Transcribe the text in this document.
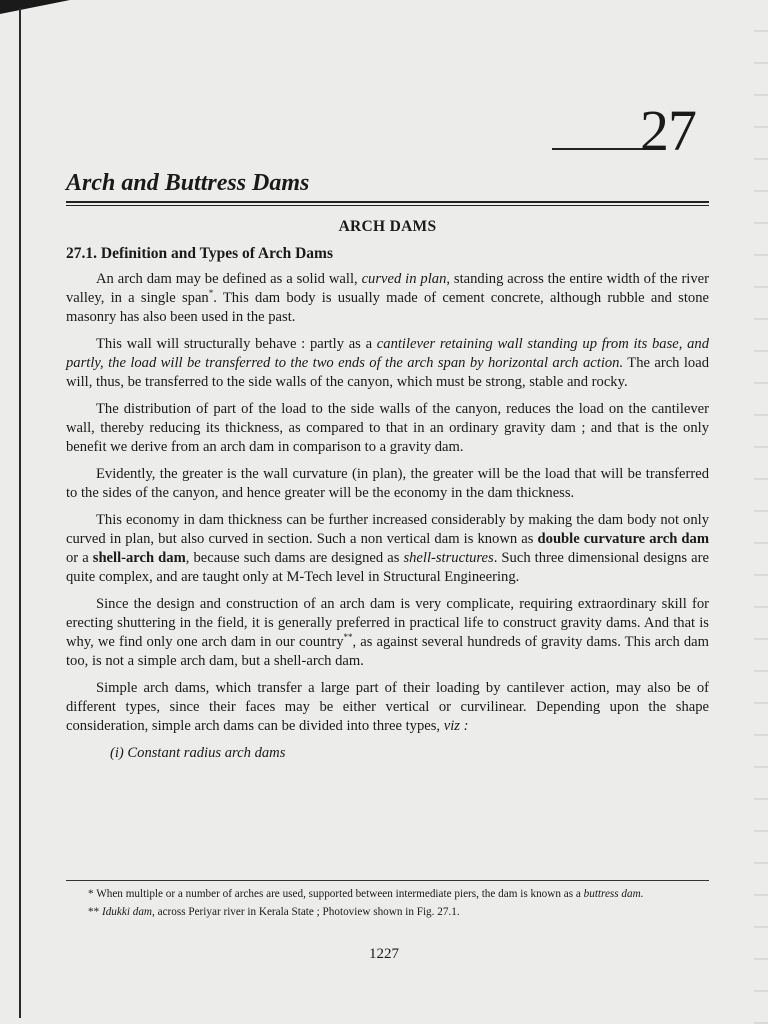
27
Arch and Buttress Dams
ARCH DAMS
27.1. Definition and Types of Arch Dams

An arch dam may be defined as a solid wall, curved in plan, standing across the entire width of the river valley, in a single span*. This dam body is usually made of cement concrete, although rubble and stone masonry has also been used in the past.

This wall will structurally behave : partly as a cantilever retaining wall standing up from its base, and partly, the load will be transferred to the two ends of the arch span by horizontal arch action. The arch load will, thus, be transferred to the side walls of the canyon, which must be strong, stable and rocky.

The distribution of part of the load to the side walls of the canyon, reduces the load on the cantilever wall, thereby reducing its thickness, as compared to that in an ordinary gravity dam ; and that is the only benefit we derive from an arch dam in comparison to a gravity dam.

Evidently, the greater is the wall curvature (in plan), the greater will be the load that will be transferred to the sides of the canyon, and hence greater will be the economy in the dam thickness.

This economy in dam thickness can be further increased considerably by making the dam body not only curved in plan, but also curved in section. Such a non vertical dam is known as double curvature arch dam or a shell-arch dam, because such dams are designed as shell-structures. Such three dimensional designs are quite complex, and are taught only at M-Tech level in Structural Engineering.

Since the design and construction of an arch dam is very complicate, requiring extraordinary skill for erecting shuttering in the field, it is generally preferred in practical life to construct gravity dams. And that is why, we find only one arch dam in our country**, as against several hundreds of gravity dams. This arch dam too, is not a simple arch dam, but a shell-arch dam.

Simple arch dams, which transfer a large part of their loading by cantilever action, may also be of different types, since their faces may be either vertical or curvilinear. Depending upon the shape consideration, simple arch dams can be divided into three types, viz :

(i) Constant radius arch dams

* When multiple or a number of arches are used, supported between intermediate piers, the dam is known as a buttress dam.

** Idukki dam, across Periyar river in Kerala State ; Photoview shown in Fig. 27.1.

1227
